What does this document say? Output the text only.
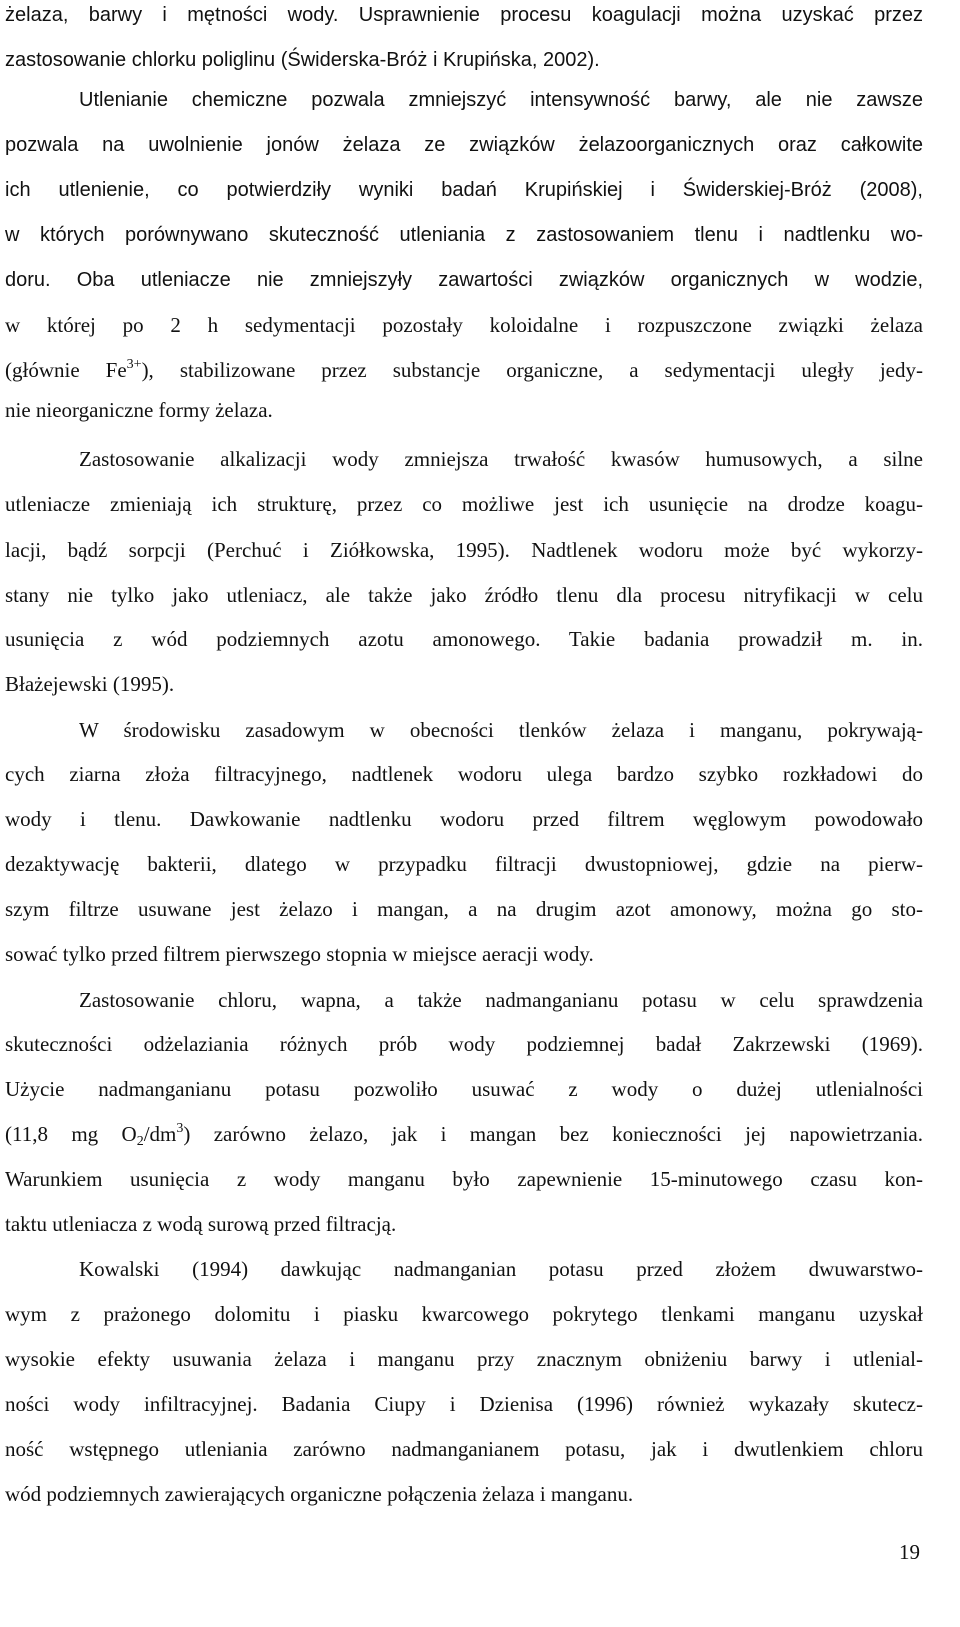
żelaza, barwy i mętności wody. Usprawnienie procesu koagulacji można uzyskać przez
zastosowanie chlorku poliglinu (Świderska-Bróż i Krupińska, 2002).
Utlenianie chemiczne pozwala zmniejszyć intensywność barwy, ale nie zawsze
pozwala na uwolnienie jonów żelaza ze związków żelazoorganicznych oraz całkowite
ich utlenienie, co potwierdziły wyniki badań Krupińskiej i Świderskiej-Bróż (2008),
w których porównywano skuteczność utleniania z zastosowaniem tlenu i nadtlenku wo-
doru. Oba utleniacze nie zmniejszyły zawartości związków organicznych w wodzie,
w której po 2 h sedymentacji pozostały koloidalne i rozpuszczone związki żelaza
(głównie $Fe^{3+}$), stabilizowane przez substancje organiczne, a sedymentacji uległy jedy-
nie nieorganiczne formy żelaza.
Zastosowanie alkalizacji wody zmniejsza trwałość kwasów humusowych, a silne
utleniacze zmieniają ich strukturę, przez co możliwe jest ich usunięcie na drodze koagu-
lacji, bądź sorpcji (Perchuć i Ziółkowska, 1995). Nadtlenek wodoru może być wykorzy-
stany nie tylko jako utleniacz, ale także jako źródło tlenu dla procesu nitryfikacji w celu
usunięcia z wód podziemnych azotu amonowego. Takie badania prowadził m. in.
Błażejewski (1995).
W środowisku zasadowym w obecności tlenków żelaza i manganu, pokrywają-
cych ziarna złoża filtracyjnego, nadtlenek wodoru ulega bardzo szybko rozkładowi do
wody i tlenu. Dawkowanie nadtlenku wodoru przed filtrem węglowym powodowało
dezaktywację bakterii, dlatego w przypadku filtracji dwustopniowej, gdzie na pierw-
szym filtrze usuwane jest żelazo i mangan, a na drugim azot amonowy, można go sto-
sować tylko przed filtrem pierwszego stopnia w miejsce aeracji wody.
Zastosowanie chloru, wapna, a także nadmanganianu potasu w celu sprawdzenia
skuteczności odżelaziania różnych prób wody podziemnej badał Zakrzewski (1969).
Użycie nadmanganianu potasu pozwoliło usuwać z wody o dużej utlenialności
(11,8 mg $O_2/dm^3$) zarówno żelazo, jak i mangan bez konieczności jej napowietrzania.
Warunkiem usunięcia z wody manganu było zapewnienie 15-minutowego czasu kon-
taktu utleniacza z wodą surową przed filtracją.
Kowalski (1994) dawkując nadmanganian potasu przed złożem dwuwarstwo-
wym z prażonego dolomitu i piasku kwarcowego pokrytego tlenkami manganu uzyskał
wysokie efekty usuwania żelaza i manganu przy znacznym obniżeniu barwy i utlenial-
ności wody infiltracyjnej. Badania Ciupy i Dzienisa (1996) również wykazały skutecz-
ność wstępnego utleniania zarówno nadmanganianem potasu, jak i dwutlenkiem chloru
wód podziemnych zawierających organiczne połączenia żelaza i manganu.
19
